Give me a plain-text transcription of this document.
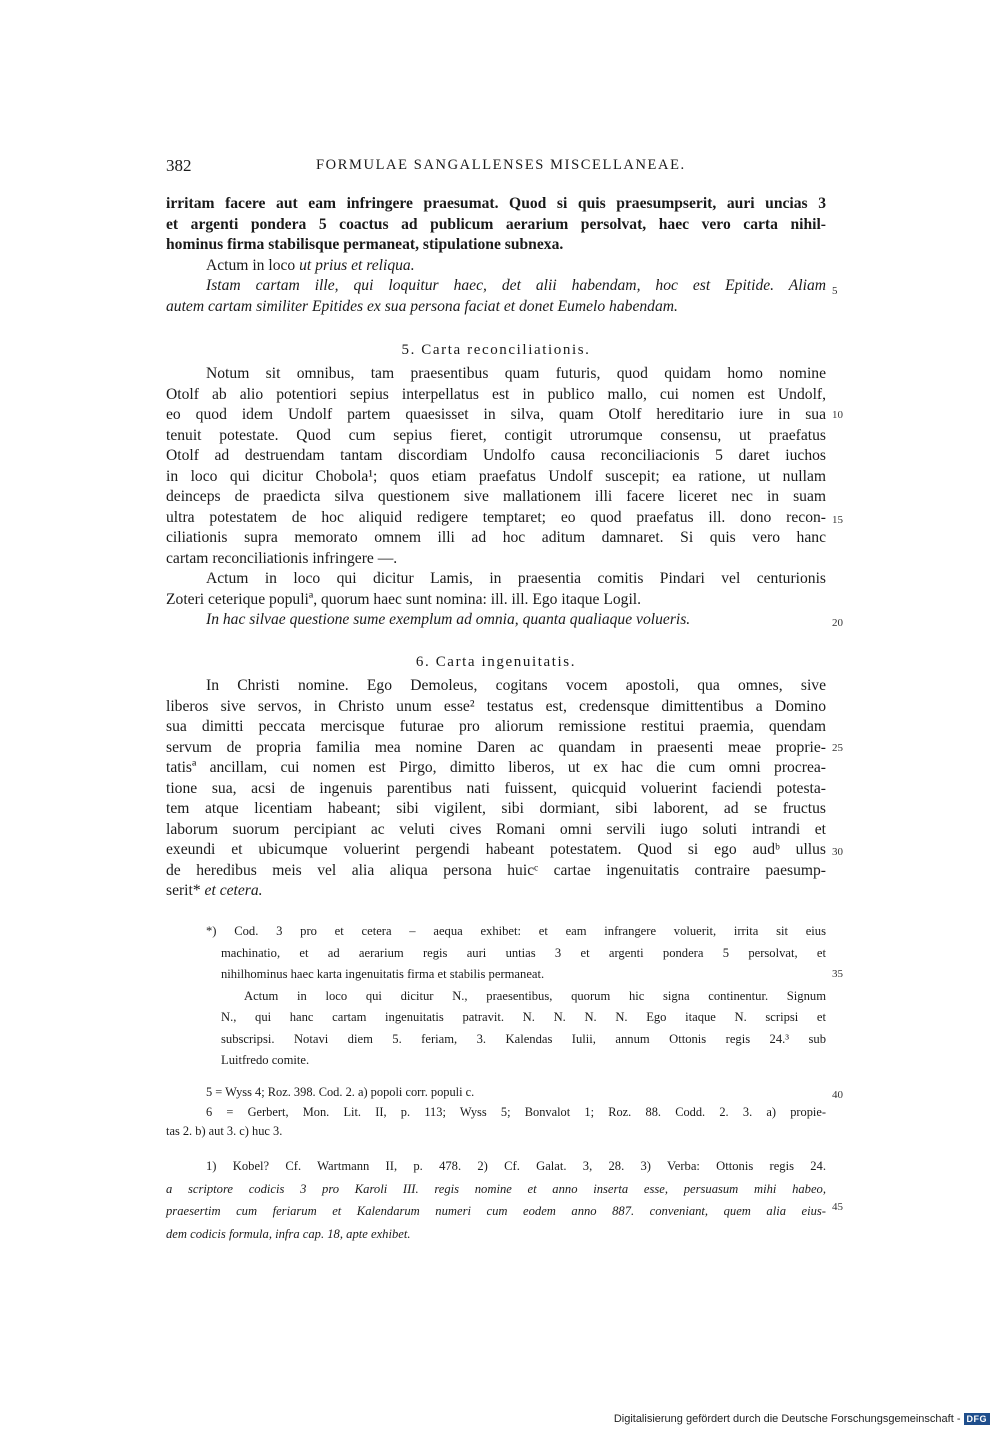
382	FORMULAE SANGALLENSES MISCELLANEAE.
irritam facere aut eam infringere praesumat. Quod si quis praesumpserit, auri uncias 3
et argenti pondera 5 coactus ad publicum aerarium persolvat, haec vero carta nihil-
hominus firma stabilisque permaneat, stipulatione subnexa.
Actum in loco ut prius et reliqua.
Istam cartam ille, qui loquitur haec, det alii habendam, hoc est Epitide. Aliam
autem cartam similiter Epitides ex sua persona faciat et donet Eumelo habendam.
5. Carta reconciliationis.
Notum sit omnibus, tam praesentibus quam futuris, quod quidam homo nomine
Otolf ab alio potentiori sepius interpellatus est in publico mallo, cui nomen est Undolf,
eo quod idem Undolf partem quaesisset in silva, quam Otolf hereditario iure in sua
tenuit potestate. Quod cum sepius fieret, contigit utrorumque consensu, ut praefatus
Otolf ad destruendam tantam discordiam Undolfo causa reconciliacionis 5 daret iuchos
in loco qui dicitur Chobola¹; quos etiam praefatus Undolf suscepit; ea ratione, ut nullam
deinceps de praedicta silva questionem sive mallationem illi facere liceret nec in suam
ultra potestatem de hoc aliquid redigere temptaret; eo quod praefatus ill. dono recon-
ciliationis supra memorato omnem illi ad hoc aditum damnaret. Si quis vero hanc
cartam reconciliationis infringere —.
Actum in loco qui dicitur Lamis, in praesentia comitis Pindari vel centurionis
Zoteri ceterique populiª, quorum haec sunt nomina: ill. ill. Ego itaque Logil.
In hac silvae questione sume exemplum ad omnia, quanta qualiaque volueris.
6. Carta ingenuitatis.
In Christi nomine. Ego Demoleus, cogitans vocem apostoli, qua omnes, sive
liberos sive servos, in Christo unum esse² testatus est, credensque dimittentibus a Domino
sua dimitti peccata mercisque futurae pro aliorum remissione restitui praemia, quendam
servum de propria familia mea nomine Daren ac quandam in praesenti meae proprie-
tatisª ancillam, cui nomen est Pirgo, dimitto liberos, ut ex hac die cum omni procrea-
tione sua, acsi de ingenuis parentibus nati fuissent, quicquid voluerint faciendi potesta-
tem atque licentiam habeant; sibi vigilent, sibi dormiant, sibi laborent, ad se fructus
laborum suorum percipiant ac veluti cives Romani omni servili iugo soluti intrandi et
exeundi et ubicumque voluerint pergendi habeant potestatem. Quod si ego audᵇ ullus
de heredibus meis vel alia aliqua persona huicᶜ cartae ingenuitatis contraire paesump-
serit* et cetera.
*) Cod. 3 pro et cetera – aequa exhibet: et eam infrangere voluerit, irrita sit eius
machinatio, et ad aerarium regis auri untias 3 et argenti pondera 5 persolvat, et
nihilhominus haec karta ingenuitatis firma et stabilis permaneat.
Actum in loco qui dicitur N., praesentibus, quorum hic signa continentur. Signum
N., qui hanc cartam ingenuitatis patravit. N. N. N. N. Ego itaque N. scripsi et
subscripsi. Notavi diem 5. feriam, 3. Kalendas Iulii, annum Ottonis regis 24.³ sub
Luitfredo comite.
5 = Wyss 4; Roz. 398. Cod. 2. a) popoli corr. populi c.
6 = Gerbert, Mon. Lit. II, p. 113; Wyss 5; Bonvalot 1; Roz. 88. Codd. 2. 3. a) propie-
tas 2. b) aut 3. c) huc 3.
1) Kobel? Cf. Wartmann II, p. 478. 2) Cf. Galat. 3, 28. 3) Verba: Ottonis regis 24.
a scriptore codicis 3 pro Karoli III. regis nomine et anno inserta esse, persuasum mihi habeo,
praesertim cum feriarum et Kalendarum numeri cum eodem anno 887. conveniant, quem alia eius-
dem codicis formula, infra cap. 18, apte exhibet.
5
10
15
20
25
30
35
40
45
Digitalisierung gefördert durch die Deutsche Forschungsgemeinschaft - DFG
